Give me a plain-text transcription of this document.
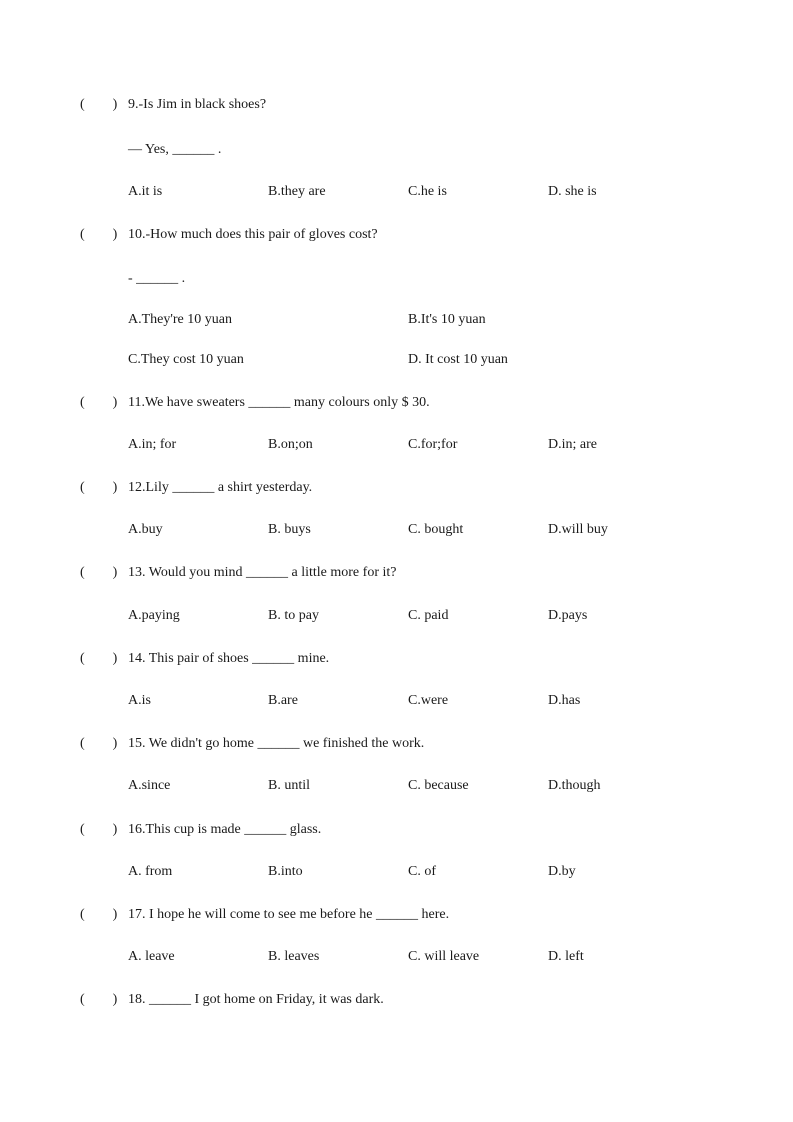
(　　) 9.-Is Jim in black shoes?
— Yes, ______ .
A.it is	B.they are	C.he is	D. she is
(　　) 10.-How much does this pair of gloves cost?
- ______ .
A.They're 10 yuan	B.It's 10 yuan
C.They cost 10 yuan	D. It cost 10 yuan
(　　) 11.We have sweaters ______ many colours only $ 30.
A.in; for	B.on;on	C.for;for	D.in; are
(　　) 12.Lily ______ a shirt yesterday.
A.buy	B. buys	C. bought	D.will buy
(　　) 13. Would you mind ______ a little more for it?
A.paying	B. to pay	C. paid	D.pays
(　　) 14. This pair of shoes ______ mine.
A.is	B.are	C.were	D.has
(　　) 15. We didn't go home ______ we finished the work.
A.since	B. until	C. because	D.though
(　　) 16.This cup is made ______ glass.
A. from	B.into	C. of	D.by
(　　) 17. I hope he will come to see me before he ______ here.
A. leave	B. leaves	C. will leave	D. left
(　　) 18. ______ I got home on Friday, it was dark.
